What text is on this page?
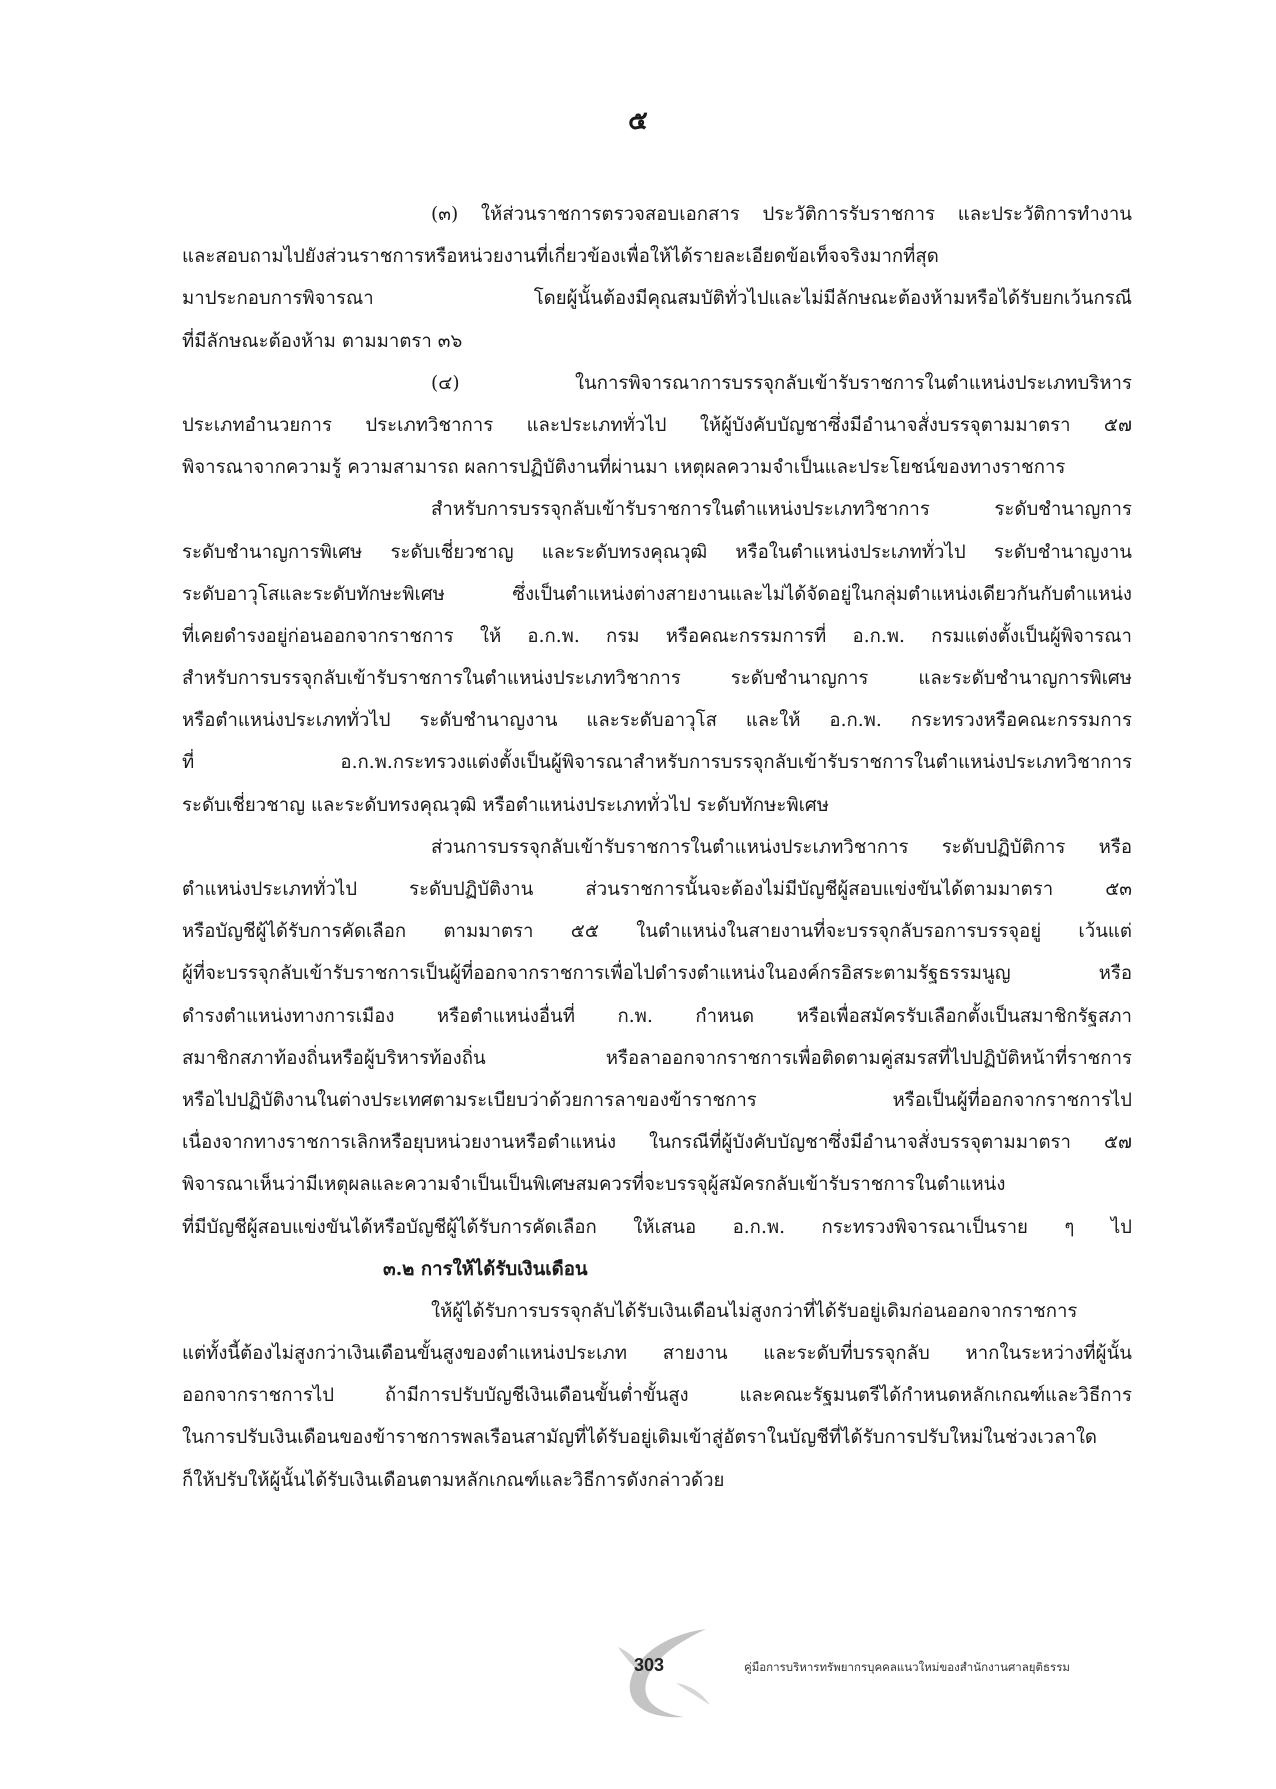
๕
(๓) ให้ส่วนราชการตรวจสอบเอกสาร ประวัติการรับราชการ และประวัติการทำงาน
และสอบถามไปยังส่วนราชการหรือหน่วยงานที่เกี่ยวข้องเพื่อให้ได้รายละเอียดข้อเท็จจริงมากที่สุด
มาประกอบการพิจารณา โดยผู้นั้นต้องมีคุณสมบัติทั่วไปและไม่มีลักษณะต้องห้ามหรือได้รับยกเว้นกรณี
ที่มีลักษณะต้องห้าม ตามมาตรา ๓๖
(๔) ในการพิจารณาการบรรจุกลับเข้ารับราชการในตำแหน่งประเภทบริหาร
ประเภทอำนวยการ ประเภทวิชาการ และประเภททั่วไป ให้ผู้บังคับบัญชาซึ่งมีอำนาจสั่งบรรจุตามมาตรา ๕๗
พิจารณาจากความรู้ ความสามารถ ผลการปฏิบัติงานที่ผ่านมา เหตุผลความจำเป็นและประโยชน์ของทางราชการ
สำหรับการบรรจุกลับเข้ารับราชการในตำแหน่งประเภทวิชาการ ระดับชำนาญการ
ระดับชำนาญการพิเศษ ระดับเชี่ยวชาญ และระดับทรงคุณวุฒิ หรือในตำแหน่งประเภททั่วไป ระดับชำนาญงาน
ระดับอาวุโสและระดับทักษะพิเศษ ซึ่งเป็นตำแหน่งต่างสายงานและไม่ได้จัดอยู่ในกลุ่มตำแหน่งเดียวกันกับตำแหน่ง
ที่เคยดำรงอยู่ก่อนออกจากราชการ ให้ อ.ก.พ. กรม หรือคณะกรรมการที่ อ.ก.พ. กรมแต่งตั้งเป็นผู้พิจารณา
สำหรับการบรรจุกลับเข้ารับราชการในตำแหน่งประเภทวิชาการ ระดับชำนาญการ และระดับชำนาญการพิเศษ
หรือตำแหน่งประเภททั่วไป ระดับชำนาญงาน และระดับอาวุโส และให้ อ.ก.พ. กระทรวงหรือคณะกรรมการ
ที่ อ.ก.พ.กระทรวงแต่งตั้งเป็นผู้พิจารณาสำหรับการบรรจุกลับเข้ารับราชการในตำแหน่งประเภทวิชาการ
ระดับเชี่ยวชาญ และระดับทรงคุณวุฒิ หรือตำแหน่งประเภททั่วไป ระดับทักษะพิเศษ
ส่วนการบรรจุกลับเข้ารับราชการในตำแหน่งประเภทวิชาการ ระดับปฏิบัติการ หรือ
ตำแหน่งประเภททั่วไป ระดับปฏิบัติงาน ส่วนราชการนั้นจะต้องไม่มีบัญชีผู้สอบแข่งขันได้ตามมาตรา ๕๓
หรือบัญชีผู้ได้รับการคัดเลือก ตามมาตรา ๕๕ ในตำแหน่งในสายงานที่จะบรรจุกลับรอการบรรจุอยู่ เว้นแต่
ผู้ที่จะบรรจุกลับเข้ารับราชการเป็นผู้ที่ออกจากราชการเพื่อไปดำรงตำแหน่งในองค์กรอิสระตามรัฐธรรมนูญ หรือ
ดำรงตำแหน่งทางการเมือง หรือตำแหน่งอื่นที่ ก.พ. กำหนด หรือเพื่อสมัครรับเลือกตั้งเป็นสมาชิกรัฐสภา
สมาชิกสภาท้องถิ่นหรือผู้บริหารท้องถิ่น หรือลาออกจากราชการเพื่อติดตามคู่สมรสที่ไปปฏิบัติหน้าที่ราชการ
หรือไปปฏิบัติงานในต่างประเทศตามระเบียบว่าด้วยการลาของข้าราชการ หรือเป็นผู้ที่ออกจากราชการไป
เนื่องจากทางราชการเลิกหรือยุบหน่วยงานหรือตำแหน่ง ในกรณีที่ผู้บังคับบัญชาซึ่งมีอำนาจสั่งบรรจุตามมาตรา ๕๗
พิจารณาเห็นว่ามีเหตุผลและความจำเป็นเป็นพิเศษสมควรที่จะบรรจุผู้สมัครกลับเข้ารับราชการในตำแหน่ง
ที่มีบัญชีผู้สอบแข่งขันได้หรือบัญชีผู้ได้รับการคัดเลือก ให้เสนอ อ.ก.พ. กระทรวงพิจารณาเป็นราย ๆ ไป
๓.๒ การให้ได้รับเงินเดือน
ให้ผู้ได้รับการบรรจุกลับได้รับเงินเดือนไม่สูงกว่าที่ได้รับอยู่เดิมก่อนออกจากราชการ
แต่ทั้งนี้ต้องไม่สูงกว่าเงินเดือนขั้นสูงของตำแหน่งประเภท สายงาน และระดับที่บรรจุกลับ หากในระหว่างที่ผู้นั้น
ออกจากราชการไป ถ้ามีการปรับบัญชีเงินเดือนขั้นต่ำขั้นสูง และคณะรัฐมนตรีได้กำหนดหลักเกณฑ์และวิธีการ
ในการปรับเงินเดือนของข้าราชการพลเรือนสามัญที่ได้รับอยู่เดิมเข้าสู่อัตราในบัญชีที่ได้รับการปรับใหม่ในช่วงเวลาใด
ก็ให้ปรับให้ผู้นั้นได้รับเงินเดือนตามหลักเกณฑ์และวิธีการดังกล่าวด้วย
303	คู่มือการบริหารทรัพยากรบุคคลแนวใหม่ของสำนักงานศาลยุติธรรม
